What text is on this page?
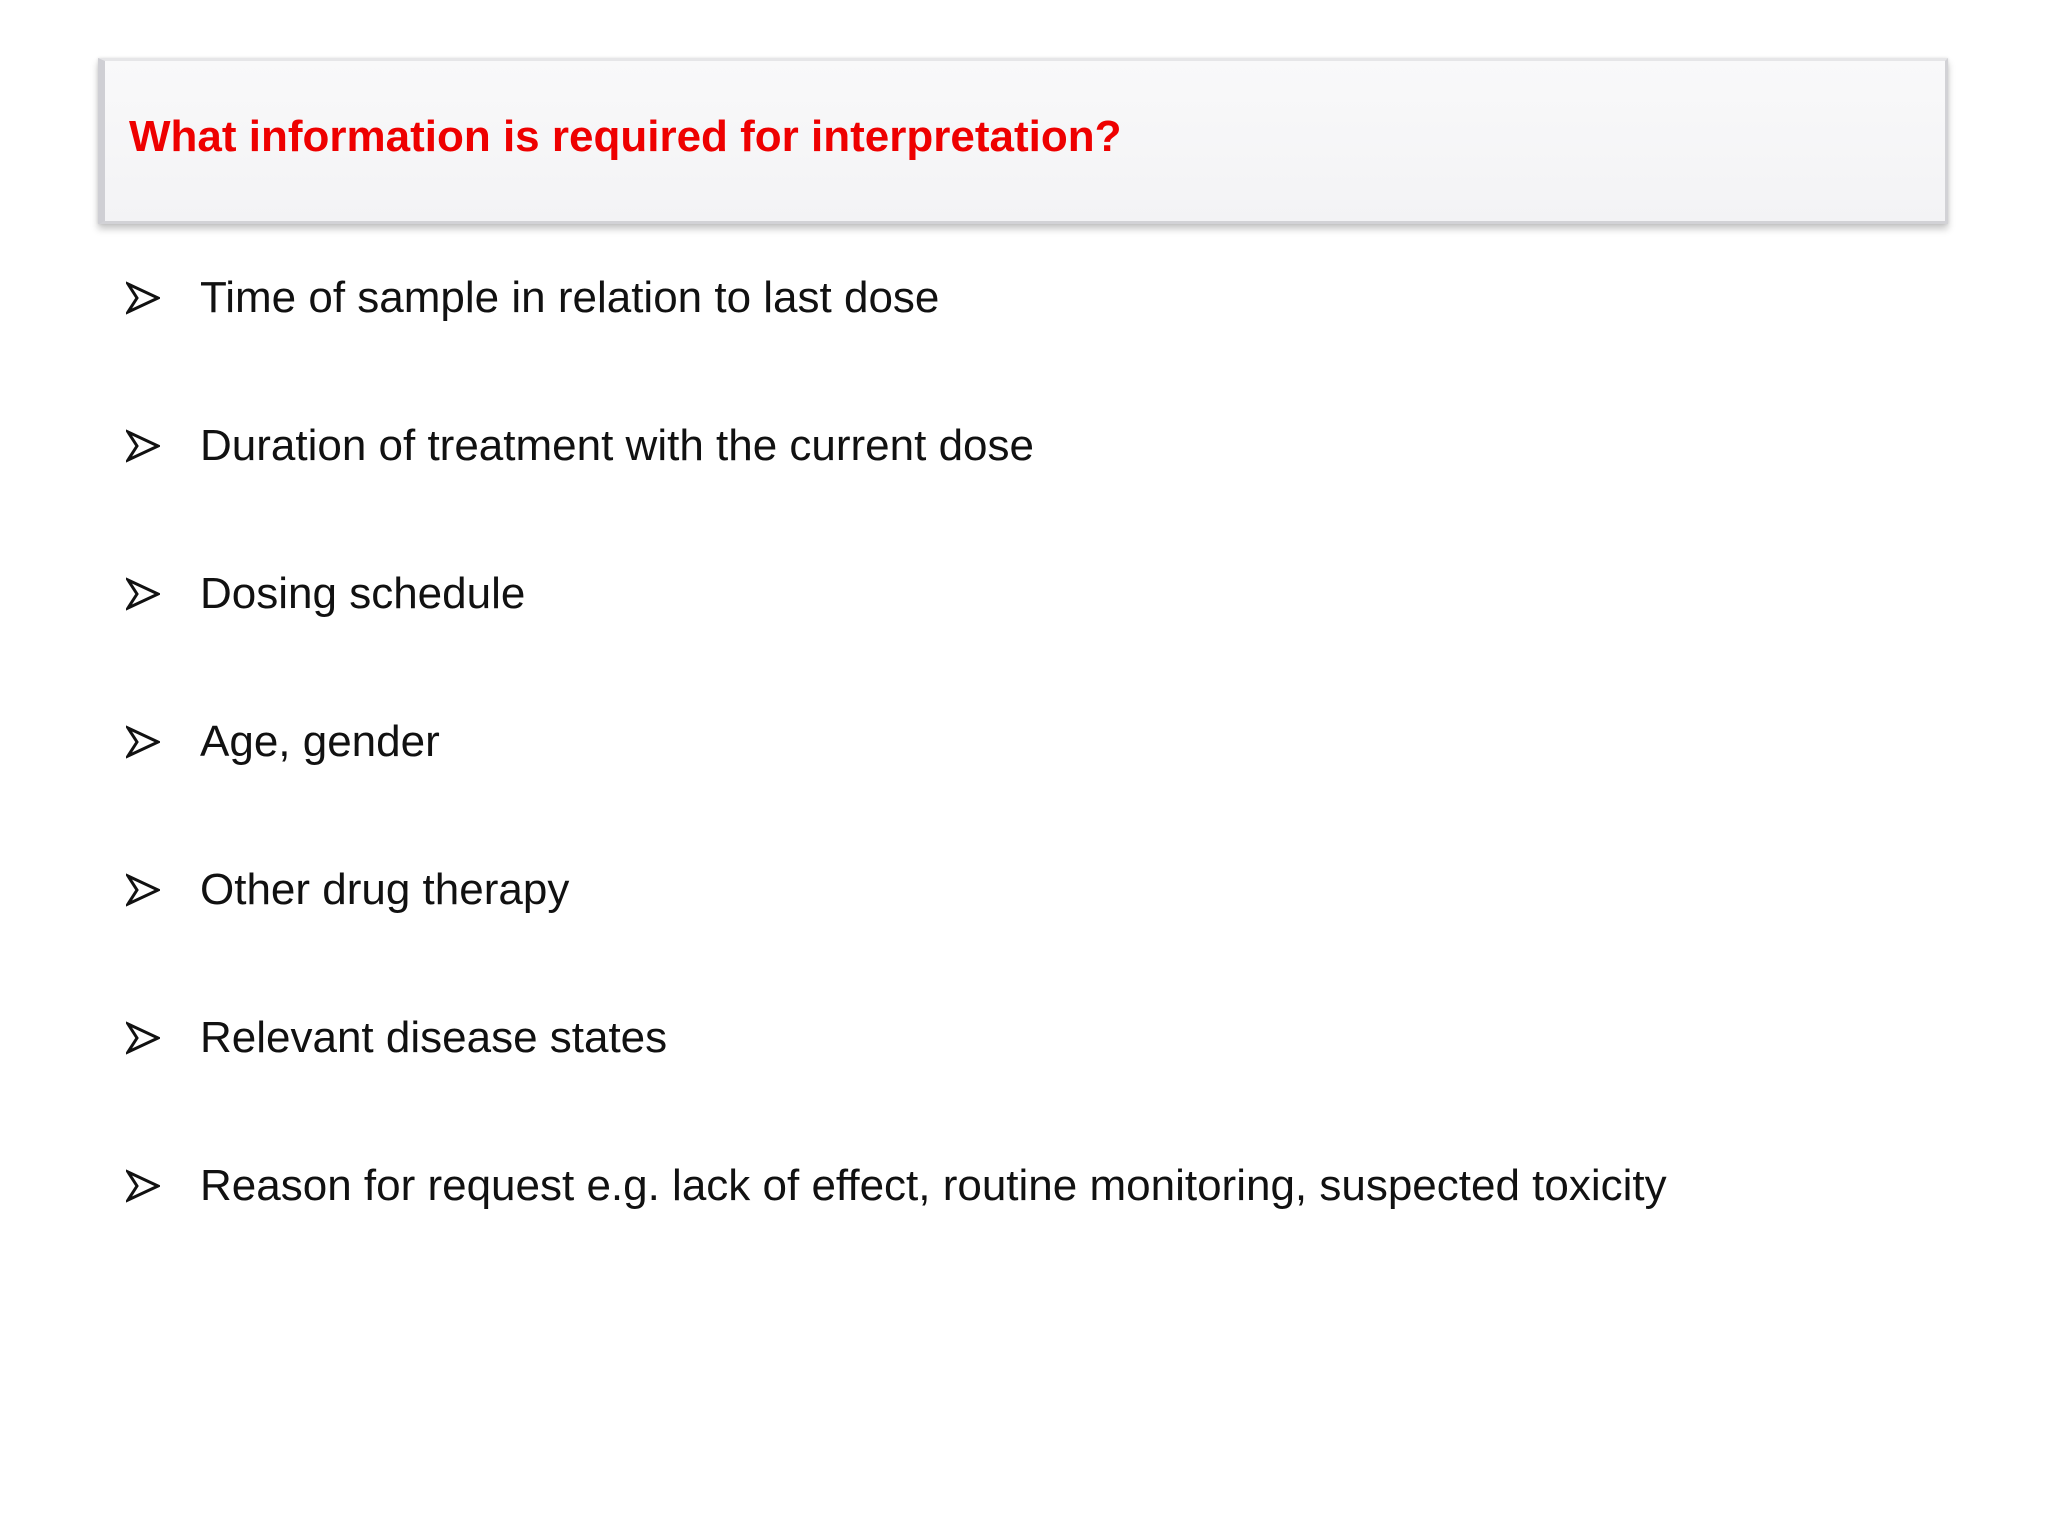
What information is required for interpretation?
Time of sample in relation to last dose
Duration of treatment with the current dose
Dosing schedule
Age, gender
Other drug therapy
Relevant disease states
Reason for request e.g. lack of effect, routine monitoring, suspected toxicity
